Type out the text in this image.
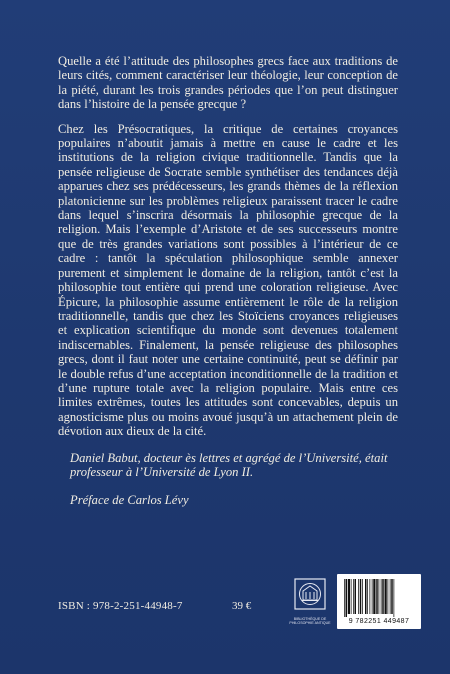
Quelle a été l’attitude des philosophes grecs face aux traditions de leurs cités, comment caractériser leur théologie, leur conception de la piété, durant les trois grandes périodes que l’on peut distinguer dans l’histoire de la pensée grecque ?

Chez les Présocratiques, la critique de certaines croyances populaires n’aboutit jamais à mettre en cause le cadre et les institutions de la religion civique traditionnelle. Tandis que la pensée religieuse de Socrate semble synthétiser des tendances déjà apparues chez ses prédécesseurs, les grands thèmes de la réflexion platonicienne sur les problèmes religieux paraissent tracer le cadre dans lequel s’inscrira désormais la philosophie grecque de la religion. Mais l’exemple d’Aristote et de ses successeurs montre que de très grandes variations sont possibles à l’intérieur de ce cadre : tantôt la spéculation philosophique semble annexer purement et simplement le domaine de la religion, tantôt c’est la philosophie tout entière qui prend une coloration religieuse. Avec Épicure, la philosophie assume entièrement le rôle de la religion traditionnelle, tandis que chez les Stoïciens croyances religieuses et explication scientifique du monde sont devenues totalement indiscernables. Finalement, la pensée religieuse des philosophes grecs, dont il faut noter une certaine continuité, peut se définir par le double refus d’une acceptation inconditionnelle de la tradition et d’une rupture totale avec la religion populaire. Mais entre ces limites extrêmes, toutes les attitudes sont concevables, depuis un agnosticisme plus ou moins avoué jusqu’à un attachement plein de dévotion aux dieux de la cité.

Daniel Babut, docteur ès lettres et agrégé de l’Université, était professeur à l’Université de Lyon II.

Préface de Carlos Lévy

ISBN : 978-2-251-44948-7	39 €
BIBLIOTHÈQUE DE PHILOSOPHIE ANTIQUE	9 782251 449487
